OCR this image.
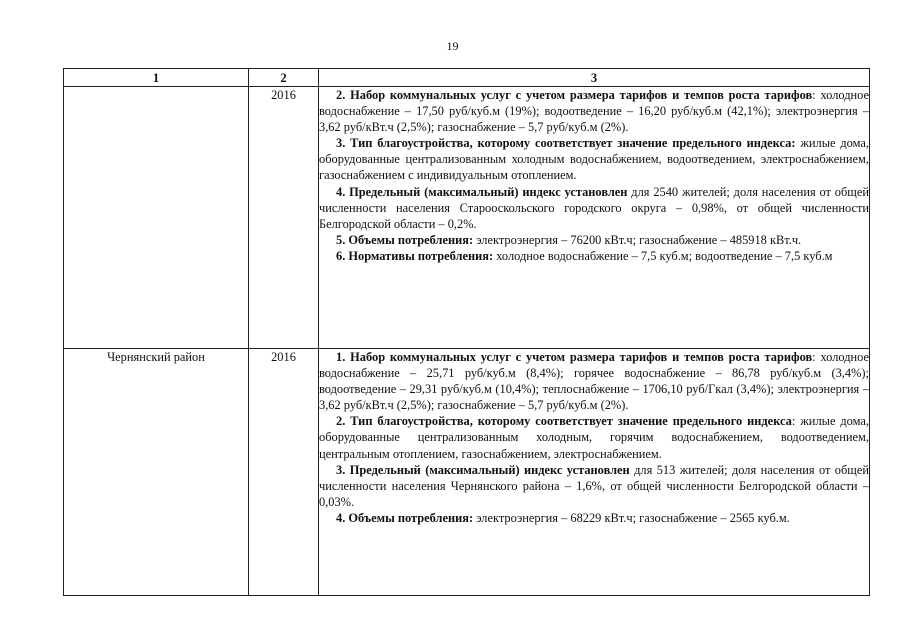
19
1	2	3
	2016	2. Набор коммунальных услуг с учетом размера тарифов и темпов роста тарифов: холодное водоснабжение – 17,50 руб/куб.м (19%); водоотведение – 16,20 руб/куб.м (42,1%); электроэнергия – 3,62 руб/кВт.ч (2,5%); газоснабжение – 5,7 руб/куб.м (2%).

3. Тип благоустройства, которому соответствует значение предельного индекса: жилые дома, оборудованные централизованным холодным водоснабжением, водоотведением, электроснабжением, газоснабжением с индивидуальным отоплением.

4. Предельный (максимальный) индекс установлен для 2540 жителей; доля населения от общей численности населения Старооскольского городского округа – 0,98%, от общей численности Белгородской области – 0,2%.

5. Объемы потребления: электроэнергия – 76200 кВт.ч; газоснабжение – 485918 кВт.ч.

6. Нормативы потребления: холодное водоснабжение – 7,5 куб.м; водоотведение – 7,5 куб.м

Чернянский район	2016	1. Набор коммунальных услуг с учетом размера тарифов и темпов роста тарифов: холодное водоснабжение – 25,71 руб/куб.м (8,4%); горячее водоснабжение – 86,78 руб/куб.м (3,4%); водоотведение – 29,31 руб/куб.м (10,4%); теплоснабжение – 1706,10 руб/Гкал (3,4%); электроэнергия – 3,62 руб/кВт.ч (2,5%); газоснабжение – 5,7 руб/куб.м (2%).

2. Тип благоустройства, которому соответствует значение предельного индекса: жилые дома, оборудованные централизованным холодным, горячим водоснабжением, водоотведением, центральным отоплением, газоснабжением, электроснабжением.

3. Предельный (максимальный) индекс установлен для 513 жителей; доля населения от общей численности населения Чернянского района – 1,6%, от общей численности Белгородской области – 0,03%.

4. Объемы потребления: электроэнергия – 68229 кВт.ч; газоснабжение – 2565 куб.м.
